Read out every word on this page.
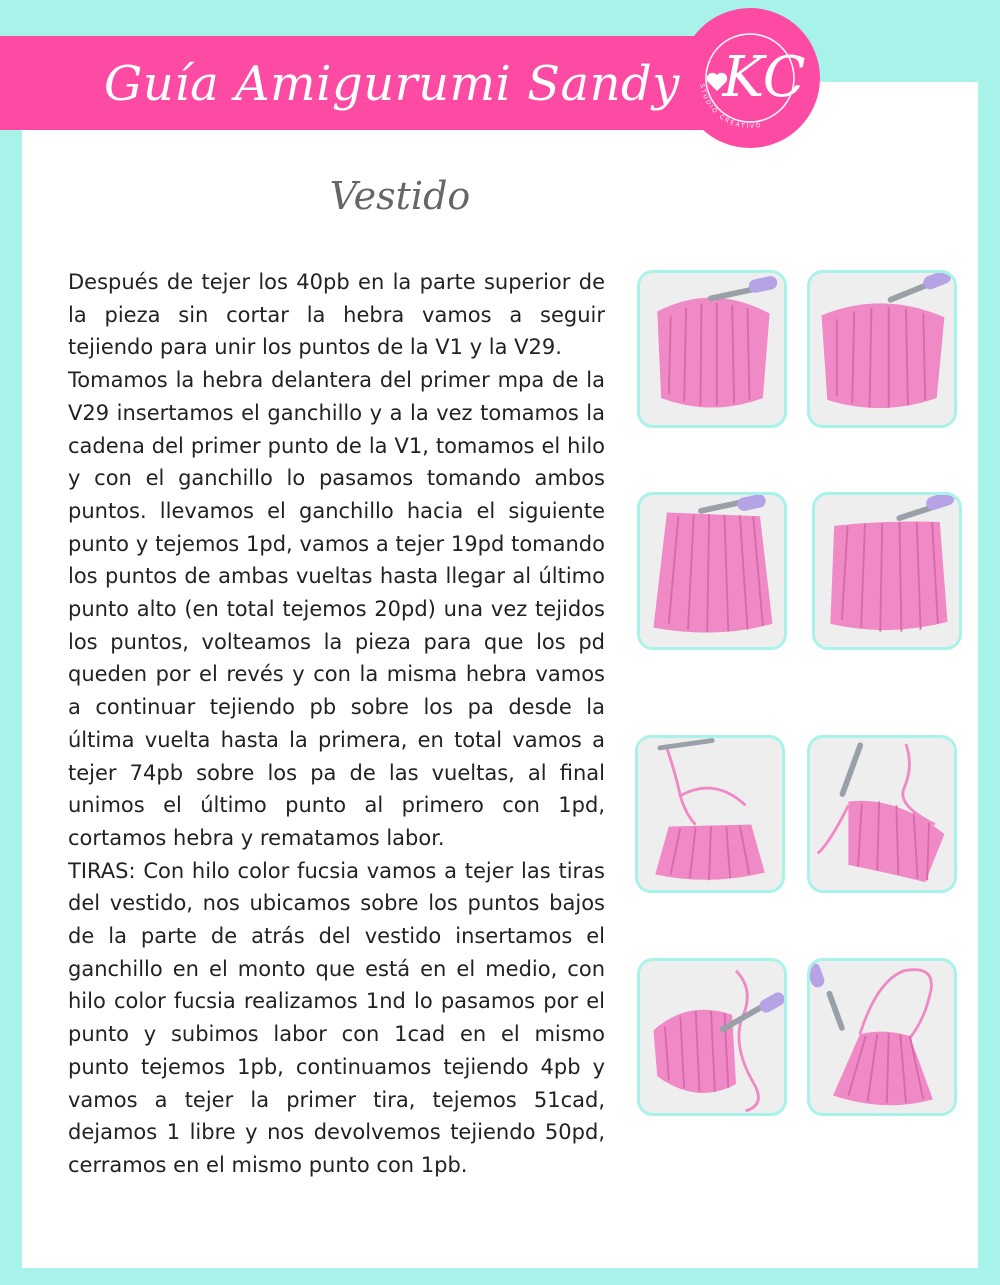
Guía Amigurumi Sandy	STUDIO CREATIVO
KC
Vestido

Después de tejer los 40pb en la parte superior de la pieza sin cortar la hebra vamos a seguir tejiendo para unir los puntos de la V1 y la V29.

Tomamos la hebra delantera del primer mpa de la V29 insertamos el ganchillo y a la vez tomamos la cadena del primer punto de la V1, tomamos el hilo y con el ganchillo lo pasamos tomando ambos puntos. llevamos el ganchillo hacia el siguiente punto y tejemos 1pd, vamos a tejer 19pd tomando los puntos de ambas vueltas hasta llegar al último punto alto (en total tejemos 20pd) una vez tejidos los puntos, volteamos la pieza para que los pd queden por el revés y con la misma hebra vamos a continuar tejiendo pb sobre los pa desde la última vuelta hasta la primera, en total vamos a tejer 74pb sobre los pa de las vueltas, al final unimos el último punto al primero con 1pd, cortamos hebra y rematamos labor.

TIRAS: Con hilo color fucsia vamos a tejer las tiras del vestido, nos ubicamos sobre los puntos bajos de la parte de atrás del vestido insertamos el ganchillo en el monto que está en el medio, con hilo color fucsia realizamos 1nd lo pasamos por el punto y subimos labor con 1cad en el mismo punto tejemos 1pb, continuamos tejiendo 4pb y vamos a tejer la primer tira, tejemos 51cad, dejamos 1 libre y nos devolvemos tejiendo 50pd, cerramos en el mismo punto con 1pb.
